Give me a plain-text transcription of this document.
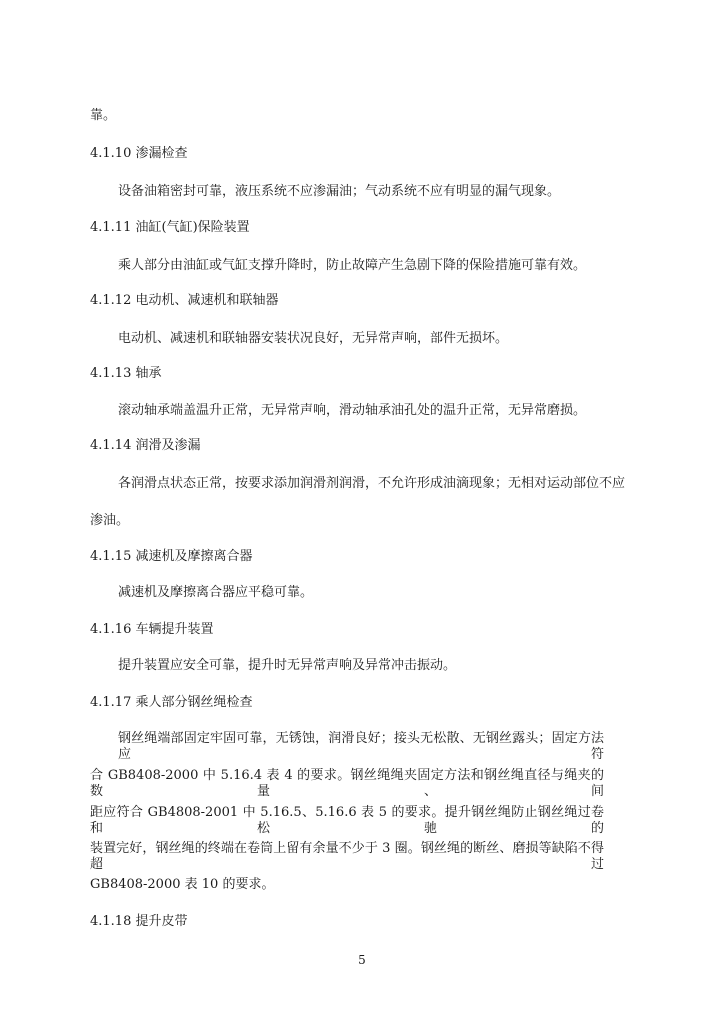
靠。
4.1.10 渗漏检查
设备油箱密封可靠，液压系统不应渗漏油；气动系统不应有明显的漏气现象。
4.1.11 油缸(气缸)保险装置
乘人部分由油缸或气缸支撑升降时，防止故障产生急剧下降的保险措施可靠有效。
4.1.12 电动机、减速机和联轴器
电动机、减速机和联轴器安装状况良好，无异常声响，部件无损坏。
4.1.13 轴承
滚动轴承端盖温升正常，无异常声响，滑动轴承油孔处的温升正常，无异常磨损。
4.1.14 润滑及渗漏
各润滑点状态正常，按要求添加润滑剂润滑，不允许形成油滴现象；无相对运动部位不应
渗油。
4.1.15 减速机及摩擦离合器
减速机及摩擦离合器应平稳可靠。
4.1.16 车辆提升装置
提升装置应安全可靠，提升时无异常声响及异常冲击振动。
4.1.17 乘人部分钢丝绳检查
钢丝绳端部固定牢固可靠，无锈蚀，润滑良好；接头无松散、无钢丝露头；固定方法应符
合 GB8408-2000 中 5.16.4 表 4 的要求。钢丝绳绳夹固定方法和钢丝绳直径与绳夹的数量、间
距应符合 GB4808-2001 中 5.16.5、5.16.6 表 5 的要求。提升钢丝绳防止钢丝绳过卷和松驰的
装置完好，钢丝绳的终端在卷筒上留有余量不少于 3 圈。钢丝绳的断丝、磨损等缺陷不得超过
GB8408-2000 表 10 的要求。
4.1.18 提升皮带
5
